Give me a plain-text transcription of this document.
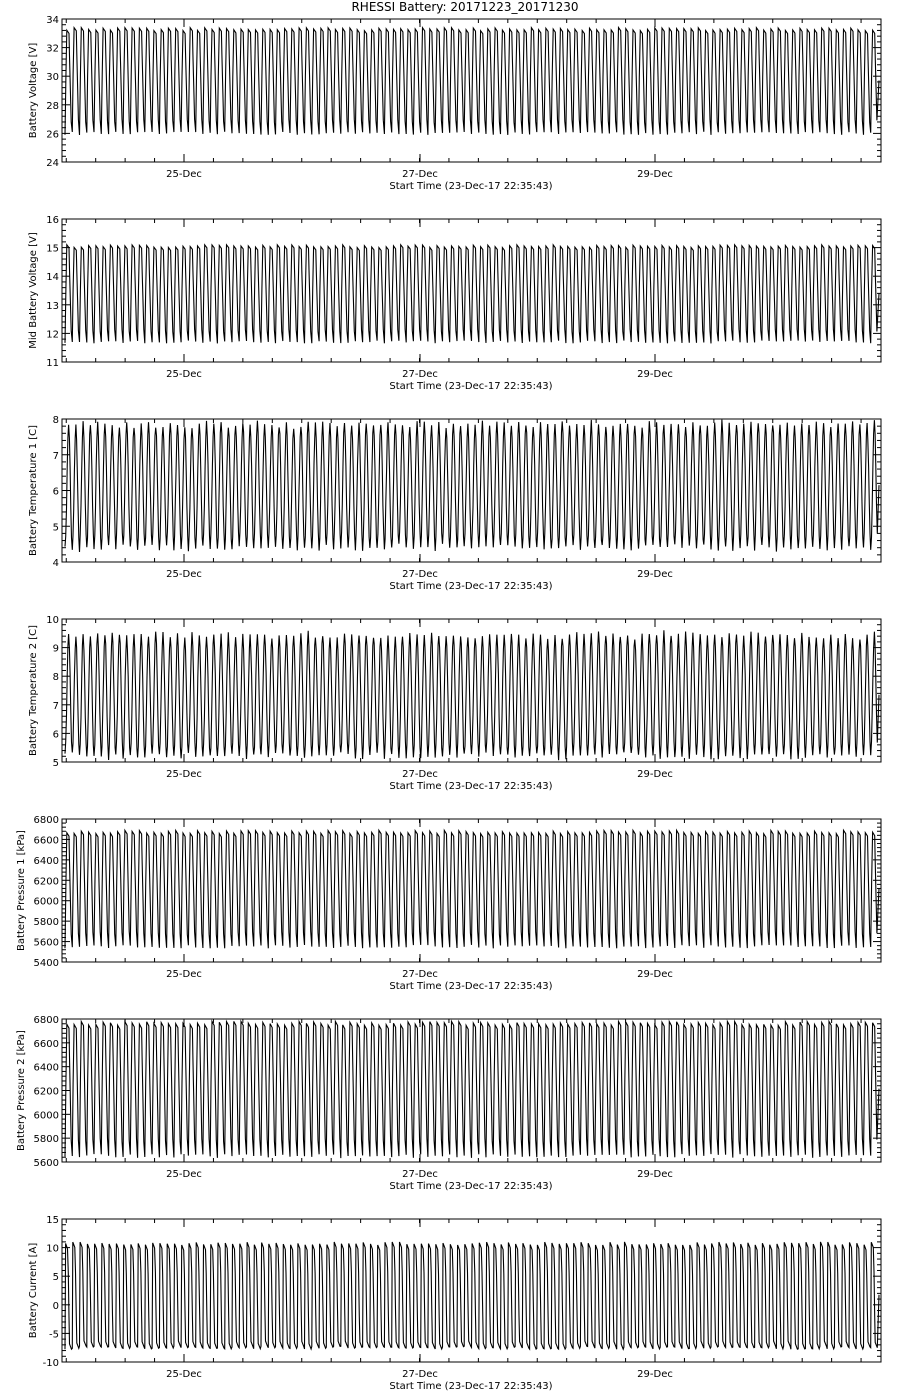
RHESSI Battery: 20171223_20171230
24
26
28
30
32
34
25-Dec	27-Dec	29-Dec
Start Time (23-Dec-17 22:35:43)
Battery Voltage [V]
11
12
13
14
15
16
25-Dec	27-Dec	29-Dec
Start Time (23-Dec-17 22:35:43)
Mid Battery Voltage [V]
4
5
6
7
8
25-Dec	27-Dec	29-Dec
Start Time (23-Dec-17 22:35:43)
Battery Temperature 1 [C]
5
6
7
8
9
10
25-Dec	27-Dec	29-Dec
Start Time (23-Dec-17 22:35:43)
Battery Temperature 2 [C]
5400
5600
5800
6000
6200
6400
6600
6800
25-Dec	27-Dec	29-Dec
Start Time (23-Dec-17 22:35:43)
Battery Pressure 1 [kPa]
5600
5800
6000
6200
6400
6600
6800
25-Dec	27-Dec	29-Dec
Start Time (23-Dec-17 22:35:43)
Battery Pressure 2 [kPa]
-10
-5
0
5
10
15
25-Dec	27-Dec	29-Dec
Start Time (23-Dec-17 22:35:43)
Battery Current [A]
